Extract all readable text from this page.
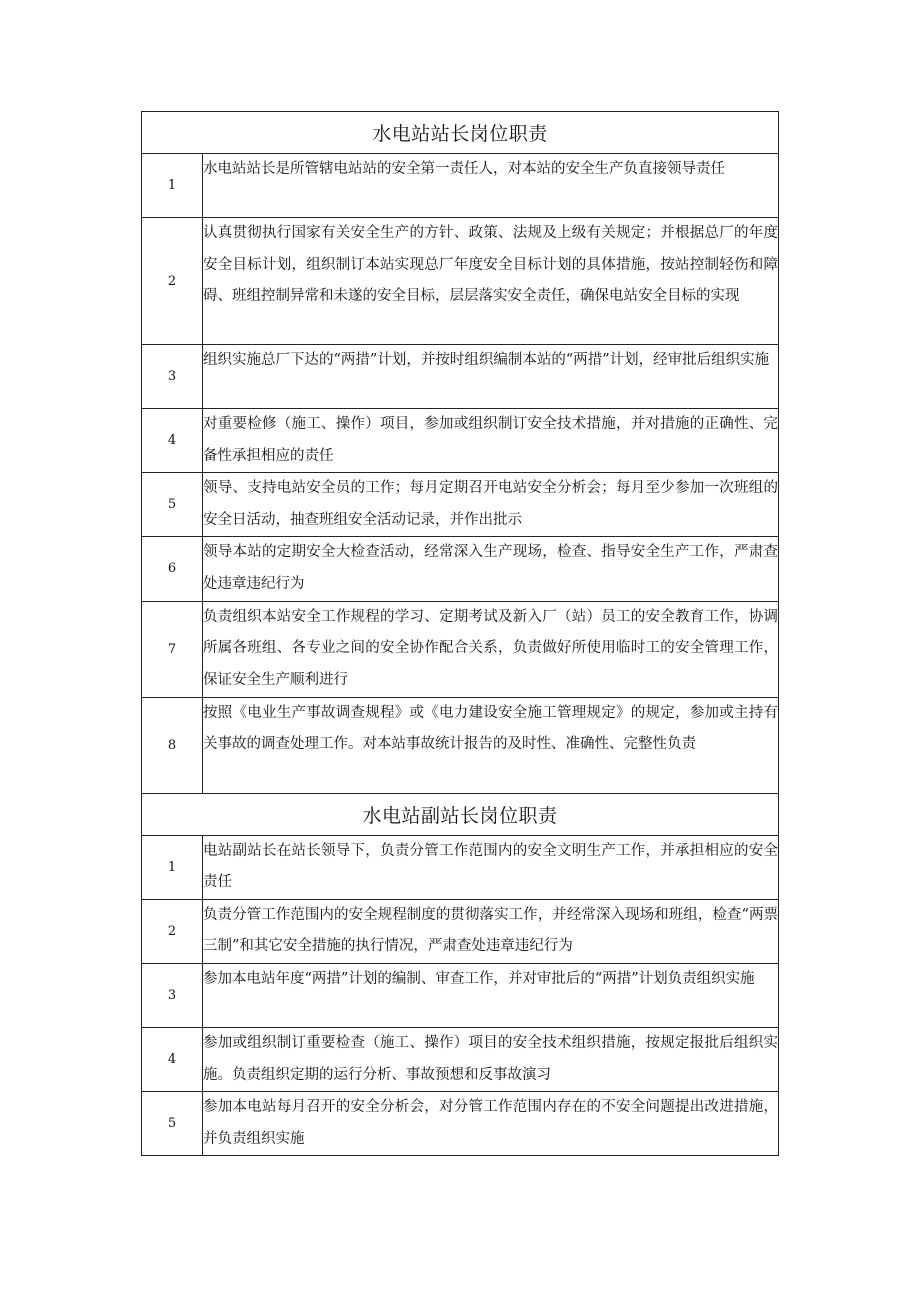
水电站站长岗位职责	
1	水电站站长是所管辖电站站的安全第一责任人，对本站的安全生产负直接领导责任
2	认真贯彻执行国家有关安全生产的方针、政策、法规及上级有关规定；并根据总厂的年度安全目标计划，组织制订本站实现总厂年度安全目标计划的具体措施，按站控制轻伤和障碍、班组控制异常和未遂的安全目标，层层落实安全责任，确保电站安全目标的实现
3	组织实施总厂下达的“两措”计划，并按时组织编制本站的“两措”计划，经审批后组织实施
4	对重要检修（施工、操作）项目，参加或组织制订安全技术措施，并对措施的正确性、完备性承担相应的责任
5	领导、支持电站安全员的工作；每月定期召开电站安全分析会；每月至少参加一次班组的安全日活动，抽查班组安全活动记录，并作出批示
6	领导本站的定期安全大检查活动，经常深入生产现场，检查、指导安全生产工作，严肃查处违章违纪行为
7	负责组织本站安全工作规程的学习、定期考试及新入厂（站）员工的安全教育工作，协调所属各班组、各专业之间的安全协作配合关系，负责做好所使用临时工的安全管理工作，保证安全生产顺利进行
8	按照《电业生产事故调查规程》或《电力建设安全施工管理规定》的规定，参加或主持有关事故的调查处理工作。对本站事故统计报告的及时性、准确性、完整性负责
水电站副站长岗位职责	
1	电站副站长在站长领导下，负责分管工作范围内的安全文明生产工作，并承担相应的安全责任
2	负责分管工作范围内的安全规程制度的贯彻落实工作，并经常深入现场和班组，检查“两票三制”和其它安全措施的执行情况，严肃查处违章违纪行为
3	参加本电站年度“两措”计划的编制、审查工作，并对审批后的“两措”计划负责组织实施
4	参加或组织制订重要检查（施工、操作）项目的安全技术组织措施，按规定报批后组织实施。负责组织定期的运行分析、事故预想和反事故演习
5	参加本电站每月召开的安全分析会，对分管工作范围内存在的不安全问题提出改进措施，并负责组织实施
